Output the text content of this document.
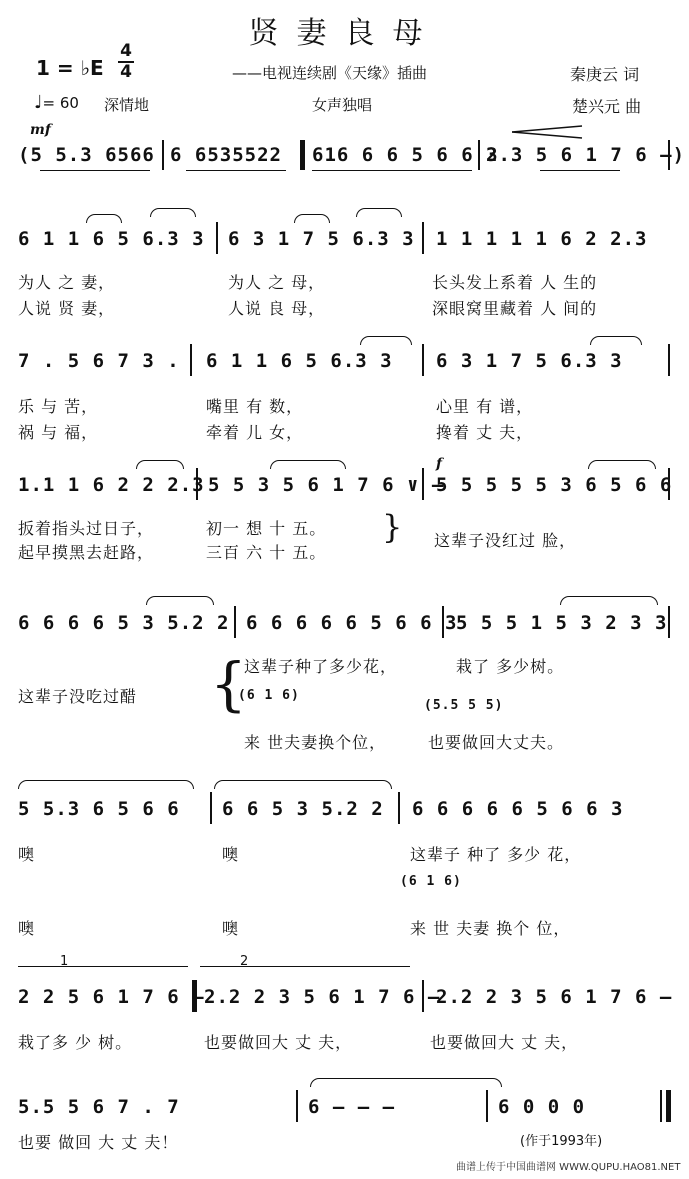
贤妻良母
1 = ♭E
4
4	——电视连续剧《天缘》插曲	秦庚云 词
♩= 60 深情地	女声独唱	楚兴元 曲
mf
(5 5.3 6566 6 6535522 616 6 6 5 6 6 3
2.3 5 6 1 7 6 —)
6 1 1 6 5 6.3 3 6 3 1 7 5 6.3 3 1 1 1 1 1 6 2 2.3
为人 之 妻，	为人 之 母，	长头发上系着 人 生的
人说 贤 妻，	人说 良 母，	深眼窝里藏着 人 间的
7 . 5 6 7 3 . 6 1 1 6 5 6.3 3 6 3 1 7 5 6.3 3
乐 与 苦，	嘴里 有 数，	心里 有 谱，
祸 与 福，	牵着 儿 女，	搀着 丈 夫，
f
1.1 1 6 2 2 2.3 5 5 3 5 6 1 7 6 ∨ —
5 5 5 5 5 3 6 5 6 6
扳着指头过日子，	初一 想 十 五。
起早摸黑去赶路，	三百 六 十 五。
} 这辈子没红过 脸，
6 6 6 6 5 3 5.2 2 6 6 6 6 6 5 6 6 3
5 5 5 1 5 3 2 3 3
这辈子没吃过醋 {
这辈子种了多少花，	栽了 多少树。
(6 1 6)
(5.5 5 5)
来 世夫妻换个位，	也要做回大丈夫。
5 5.3 6 5 6 6 6 6 5 3 5.2 2 6 6 6 6 6 5 6 6 3
噢	噢	这辈子 种了 多少 花，
(6 1 6)
噢	噢	来 世 夫妻 换个 位，
1	2
2 2 5 6 1 7 6 — 2.2 2 3 5 6 1 7 6 —
2.2 2 3 5 6 1 7 6 —
栽了多 少 树。	也要做回大 丈 夫，	也要做回大 丈 夫，
5.5 5 6 7 . 7	6 — — —	6 0 0 0
也要 做回 大 丈 夫！	(作于1993年)
曲谱上传于中国曲谱网 WWW.QUPU.HAO81.NET
